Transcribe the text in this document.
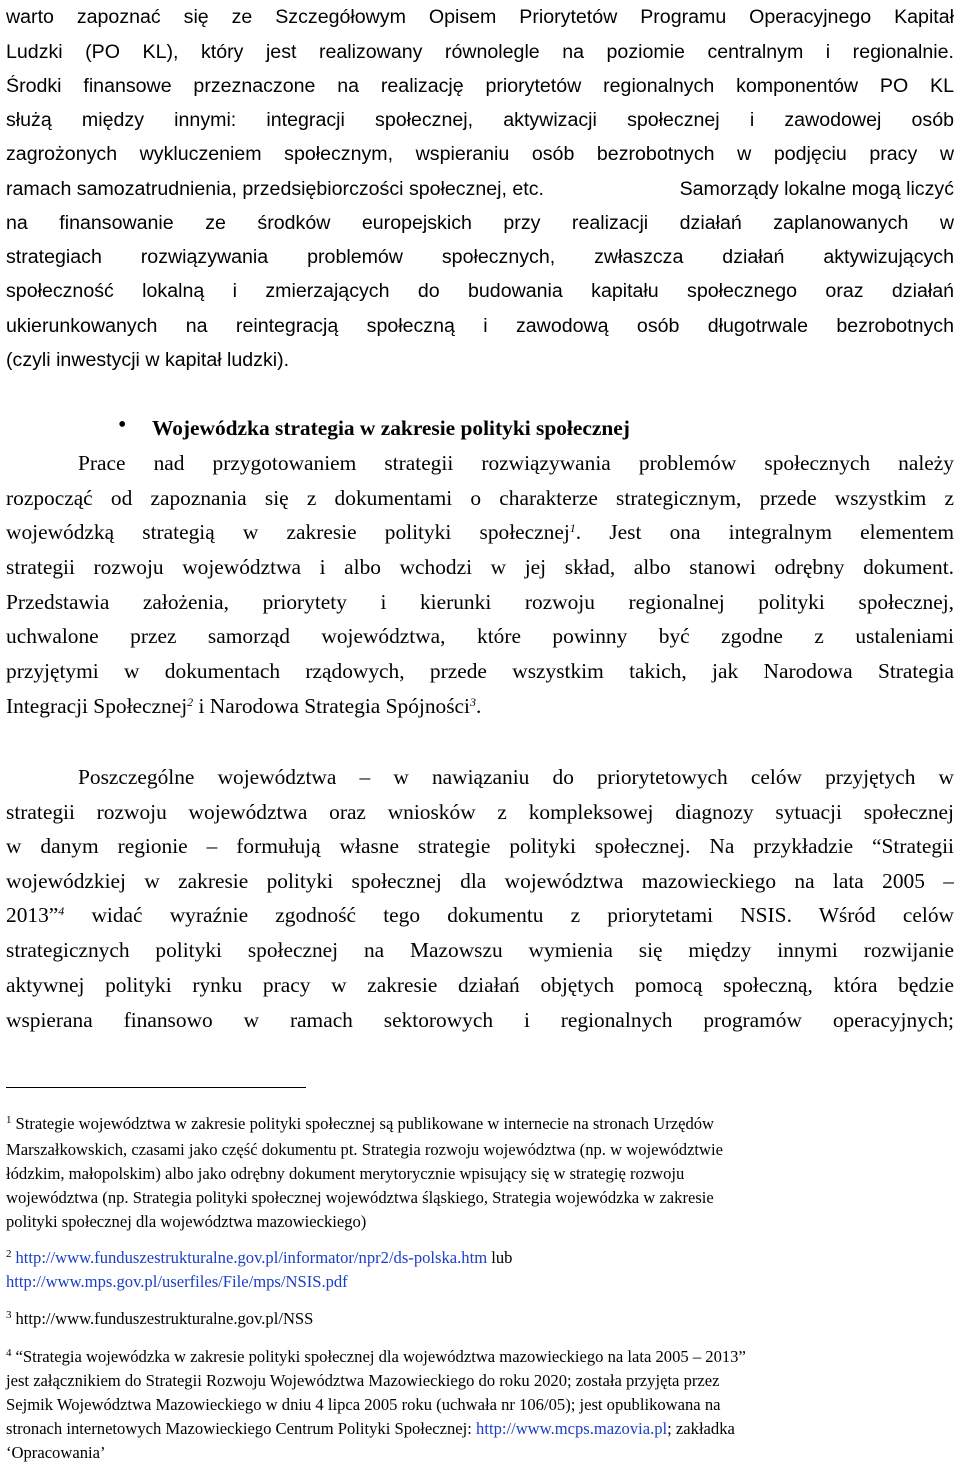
warto zapoznać się ze Szczegółowym Opisem Priorytetów Programu Operacyjnego Kapitał
Ludzki (PO KL), który jest realizowany równolegle na poziomie centralnym i regionalnie.
Środki finansowe przeznaczone na realizację priorytetów regionalnych komponentów PO KL
służą między innymi: integracji społecznej, aktywizacji społecznej i zawodowej osób
zagrożonych wykluczeniem społecznym, wspieraniu osób bezrobotnych w podjęciu pracy w
ramach samozatrudnienia, przedsiębiorczości społecznej, etc.	Samorządy lokalne mogą liczyć
na finansowanie ze środków europejskich przy realizacji działań zaplanowanych w
strategiach rozwiązywania problemów społecznych, zwłaszcza działań aktywizujących
społeczność lokalną i zmierzających do budowania kapitału społecznego oraz działań
ukierunkowanych na reintegracją społeczną i zawodową osób długotrwale bezrobotnych
(czyli inwestycji w kapitał ludzki).
• Wojewódzka strategia w zakresie polityki społecznej
Prace nad przygotowaniem strategii rozwiązywania problemów społecznych należy
rozpocząć od zapoznania się z dokumentami o charakterze strategicznym, przede wszystkim z
wojewódzką strategią w zakresie polityki społecznej$^1$. Jest ona integralnym elementem
strategii rozwoju województwa i albo wchodzi w jej skład, albo stanowi odrębny dokument.
Przedstawia założenia, priorytety i kierunki rozwoju regionalnej polityki społecznej,
uchwalone przez samorząd województwa, które powinny być zgodne z ustaleniami
przyjętymi w dokumentach rządowych, przede wszystkim takich, jak Narodowa Strategia
Integracji Społecznej$^2$ i Narodowa Strategia Spójności$^3$.
Poszczególne województwa – w nawiązaniu do priorytetowych celów przyjętych w
strategii rozwoju województwa oraz wniosków z kompleksowej diagnozy sytuacji społecznej
w danym regionie – formułują własne strategie polityki społecznej. Na przykładzie “Strategii
wojewódzkiej w zakresie polityki społecznej dla województwa mazowieckiego na lata 2005 –
2013”$^4$ widać wyraźnie zgodność tego dokumentu z priorytetami NSIS. Wśród celów
strategicznych polityki społecznej na Mazowszu wymienia się między innymi rozwijanie
aktywnej polityki rynku pracy w zakresie działań objętych pomocą społeczną, która będzie
wspierana finansowo w ramach sektorowych i regionalnych programów operacyjnych;
$^1$ Strategie województwa w zakresie polityki społecznej są publikowane w internecie na stronach Urzędów
Marszałkowskich, czasami jako część dokumentu pt. Strategia rozwoju województwa (np. w województwie
łódzkim, małopolskim) albo jako odrębny dokument merytorycznie wpisujący się w strategię rozwoju
województwa (np. Strategia polityki społecznej województwa śląskiego, Strategia wojewódzka w zakresie
polityki społecznej dla województwa mazowieckiego)
$^2$ http://www.funduszestrukturalne.gov.pl/informator/npr2/ds-polska.htm lub
http://www.mps.gov.pl/userfiles/File/mps/NSIS.pdf
$^3$ http://www.funduszestrukturalne.gov.pl/NSS
$^4$ “Strategia wojewódzka w zakresie polityki społecznej dla województwa mazowieckiego na lata 2005 – 2013”
jest załącznikiem do Strategii Rozwoju Województwa Mazowieckiego do roku 2020; została przyjęta przez
Sejmik Województwa Mazowieckiego w dniu 4 lipca 2005 roku (uchwała nr 106/05); jest opublikowana na
stronach internetowych Mazowieckiego Centrum Polityki Społecznej: http://www.mcps.mazovia.pl; zakładka
‘Opracowania’
